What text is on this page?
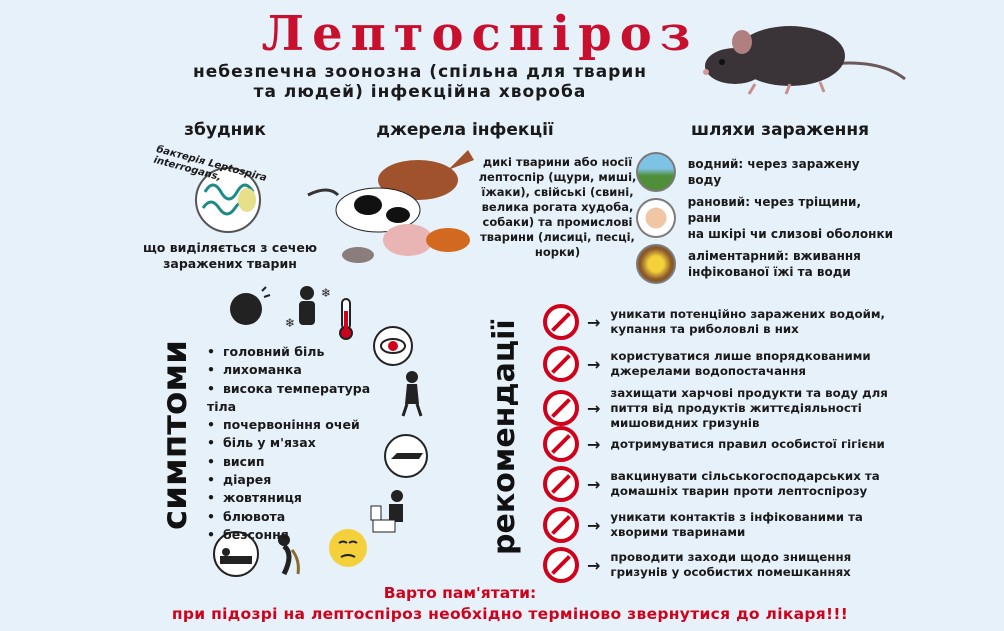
Лептоспіроз
небезпечна зоонозна (спільна для тварин
та людей) інфекційна хвороба
збудник	джерела інфекції	шляхи зараження
бактерія Leptospira interrogans,
що виділяється з сечею
заражених тварин
дикі тварини або носії
лептоспір (щури, миші,
їжаки), свійські (свині,
велика рогата худоба,
собаки) та промислові
тварини (лисиці, песці,
норки)
водний: через заражену воду
рановий: через тріщини, рани
на шкірі чи слизові оболонки
аліментарний: вживання
інфікованої їжі та води
симптоми
❄
❄
• головний біль
• лихоманка
• висока температура тіла
• почервоніння очей
• біль у м'язах
• висип
• діарея
• жовтяниця
• блювота
• безсоння	рекомендації	→ уникати потенційно заражених водойм, купання та риболовлі в них
→ користуватися лише впорядкованими джерелами водопостачання
→
захищати харчові продукти та воду для пиття від продуктів життєдіяльності мишовидних гризунів
→ дотримуватися правил особистої гігієни
→ вакцинувати сільськогосподарських та домашніх тварин проти лептоспірозу
→ уникати контактів з інфікованими та хворими тваринами
→ проводити заходи щодо знищення гризунів у особистих помешканнях
Варто пам'ятати:
при підозрі на лептоспіроз необхідно терміново звернутися до лікаря!!!
